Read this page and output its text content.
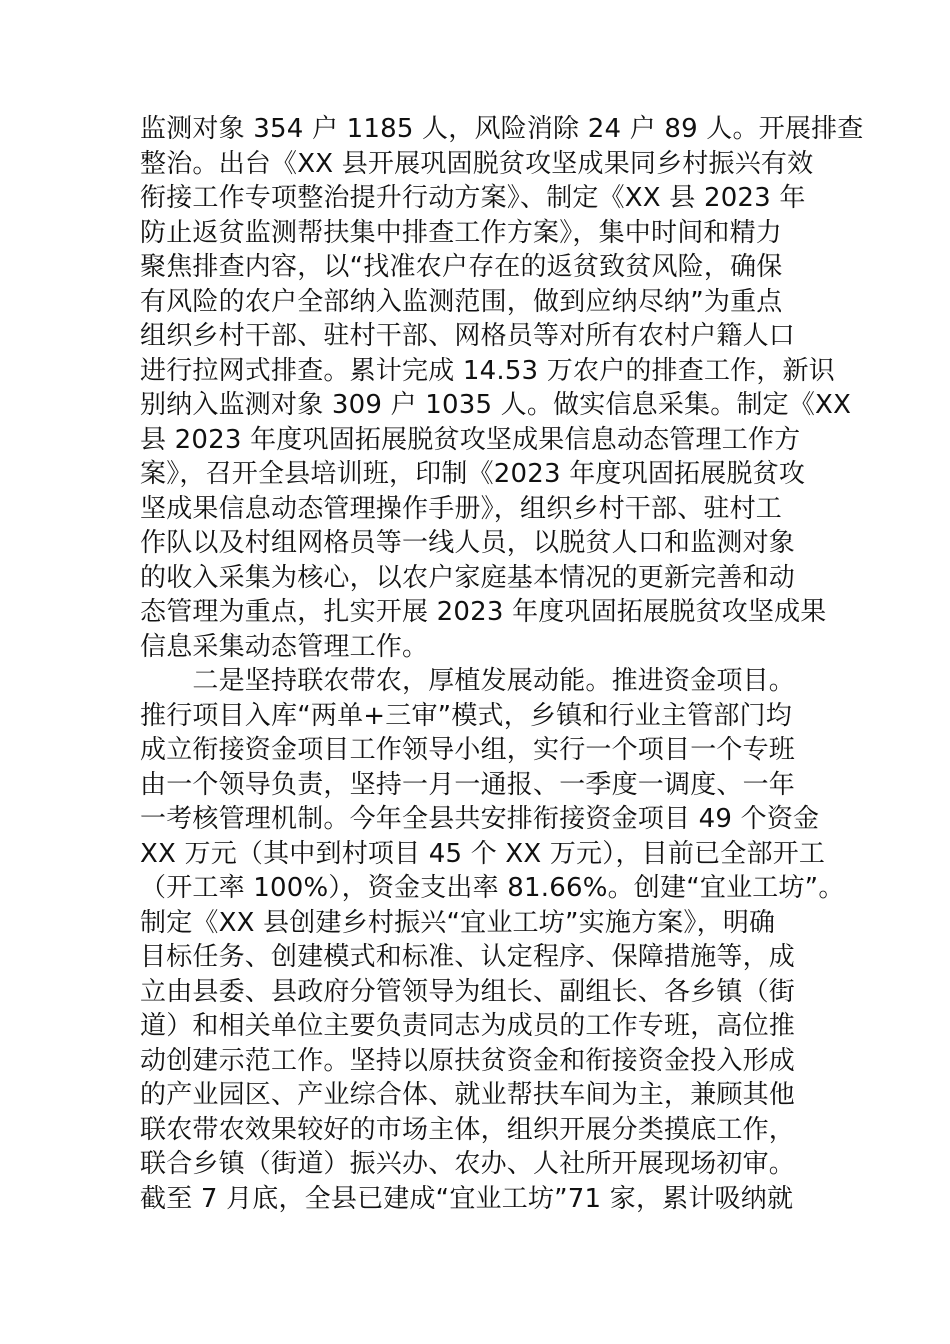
监测对象 354 户 1185 人，风险消除 24 户 89 人。开展排查
整治。出台《XX 县开展巩固脱贫攻坚成果同乡村振兴有效
衔接工作专项整治提升行动方案》、制定《XX 县 2023 年
防止返贫监测帮扶集中排查工作方案》，集中时间和精力
聚焦排查内容，以“找准农户存在的返贫致贫风险，确保
有风险的农户全部纳入监测范围，做到应纳尽纳”为重点
组织乡村干部、驻村干部、网格员等对所有农村户籍人口
进行拉网式排查。累计完成 14.53 万农户的排查工作，新识
别纳入监测对象 309 户 1035 人。做实信息采集。制定《XX
县 2023 年度巩固拓展脱贫攻坚成果信息动态管理工作方
案》，召开全县培训班，印制《2023 年度巩固拓展脱贫攻
坚成果信息动态管理操作手册》，组织乡村干部、驻村工
作队以及村组网格员等一线人员，以脱贫人口和监测对象
的收入采集为核心，以农户家庭基本情况的更新完善和动
态管理为重点，扎实开展 2023 年度巩固拓展脱贫攻坚成果
信息采集动态管理工作。
　　二是坚持联农带农，厚植发展动能。推进资金项目。
推行项目入库“两单+三审”模式，乡镇和行业主管部门均
成立衔接资金项目工作领导小组，实行一个项目一个专班
由一个领导负责，坚持一月一通报、一季度一调度、一年
一考核管理机制。今年全县共安排衔接资金项目 49 个资金
XX 万元（其中到村项目 45 个 XX 万元），目前已全部开工
（开工率 100%），资金支出率 81.66%。创建“宜业工坊”。
制定《XX 县创建乡村振兴“宜业工坊”实施方案》，明确
目标任务、创建模式和标准、认定程序、保障措施等，成
立由县委、县政府分管领导为组长、副组长、各乡镇（街
道）和相关单位主要负责同志为成员的工作专班，高位推
动创建示范工作。坚持以原扶贫资金和衔接资金投入形成
的产业园区、产业综合体、就业帮扶车间为主，兼顾其他
联农带农效果较好的市场主体，组织开展分类摸底工作，
联合乡镇（街道）振兴办、农办、人社所开展现场初审。
截至 7 月底，全县已建成“宜业工坊”71 家，累计吸纳就
